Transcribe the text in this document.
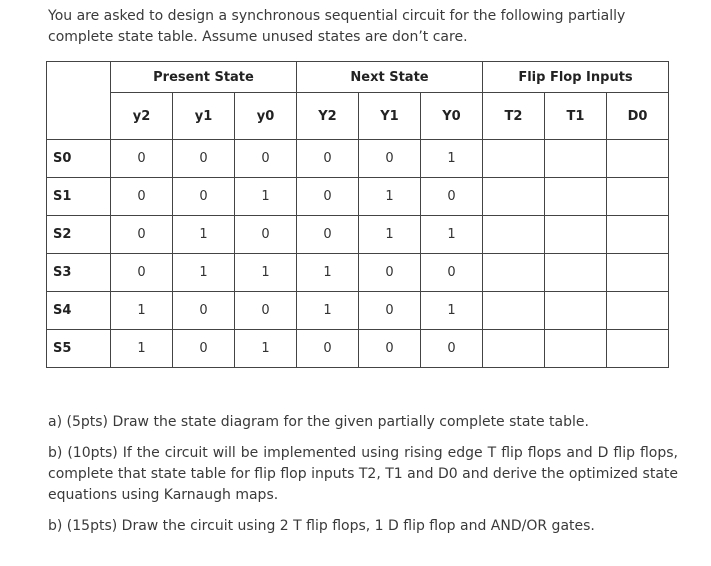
You are asked to design a synchronous sequential circuit for the following partially complete state table. Assume unused states are don’t care.

	Present State			Next State			Flip Flop Inputs		
	y2	y1	y0	Y2	Y1	Y0	T2	T1	D0
S0	0	0	0	0	0	1			
S1	0	0	1	0	1	0			
S2	0	1	0	0	1	1			
S3	0	1	1	1	0	0			
S4	1	0	0	1	0	1			
S5	1	0	1	0	0	0			

a) (5pts) Draw the state diagram for the given partially complete state table.

b) (10pts) If the circuit will be implemented using rising edge T flip flops and D flip flops, complete that state table for flip flop inputs T2, T1 and D0 and derive the optimized state equations using Karnaugh maps.

b) (15pts) Draw the circuit using 2 T flip flops, 1 D flip flop and AND/OR gates.
